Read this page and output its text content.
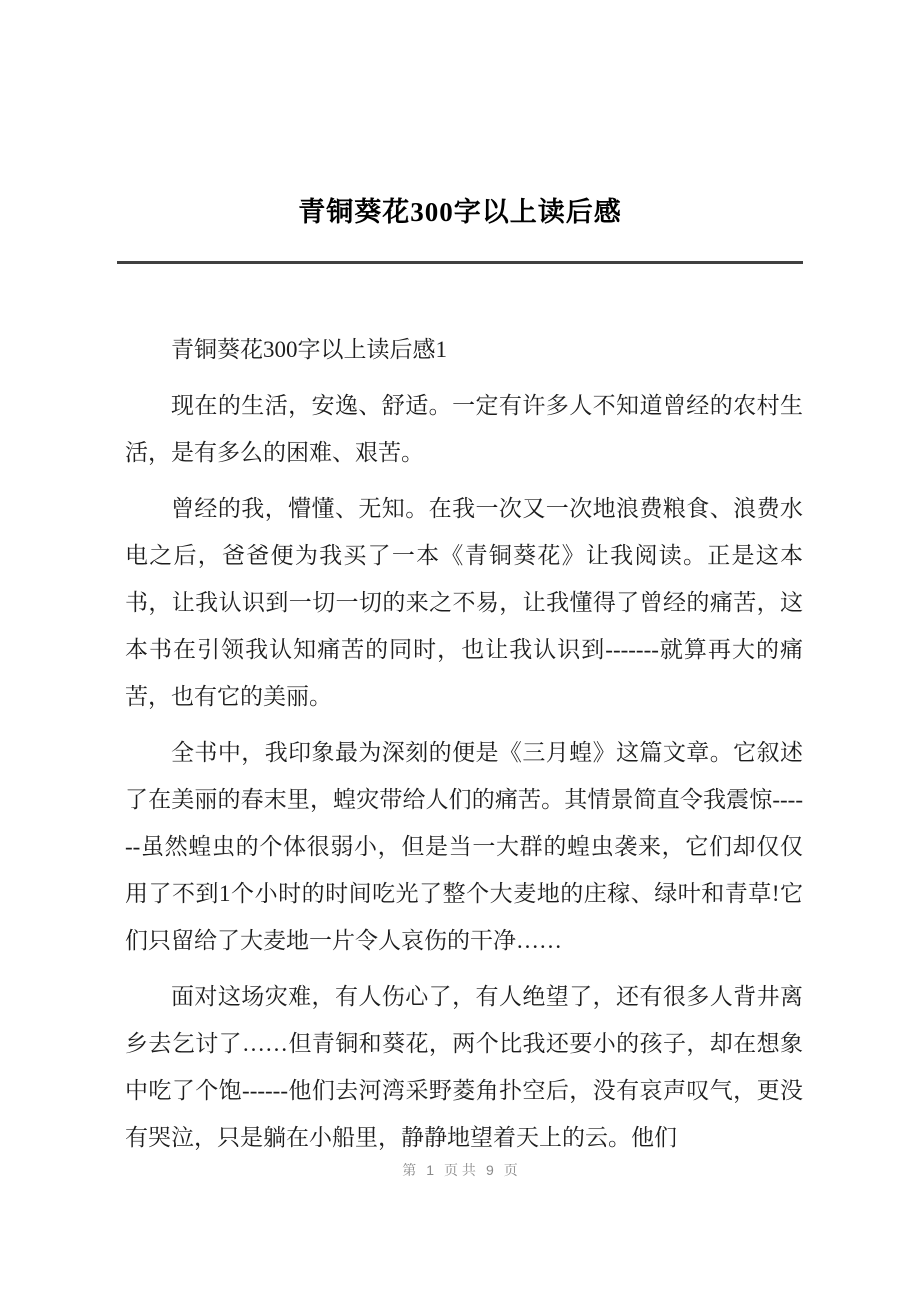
青铜葵花300字以上读后感

青铜葵花300字以上读后感1

现在的生活，安逸、舒适。一定有许多人不知道曾经的农村生活，是有多么的困难、艰苦。

曾经的我，懵懂、无知。在我一次又一次地浪费粮食、浪费水电之后，爸爸便为我买了一本《青铜葵花》让我阅读。正是这本书，让我认识到一切一切的来之不易，让我懂得了曾经的痛苦，这本书在引领我认知痛苦的同时，也让我认识到-------就算再大的痛苦，也有它的美丽。

全书中，我印象最为深刻的便是《三月蝗》这篇文章。它叙述了在美丽的春末里，蝗灾带给人们的痛苦。其情景简直令我震惊------虽然蝗虫的个体很弱小，但是当一大群的蝗虫袭来，它们却仅仅用了不到1个小时的时间吃光了整个大麦地的庄稼、绿叶和青草!它们只留给了大麦地一片令人哀伤的干净……

面对这场灾难，有人伤心了，有人绝望了，还有很多人背井离乡去乞讨了……但青铜和葵花，两个比我还要小的孩子，却在想象中吃了个饱------他们去河湾采野菱角扑空后，没有哀声叹气，更没有哭泣，只是躺在小船里，静静地望着天上的云。他们

第 1 页 共 9 页
